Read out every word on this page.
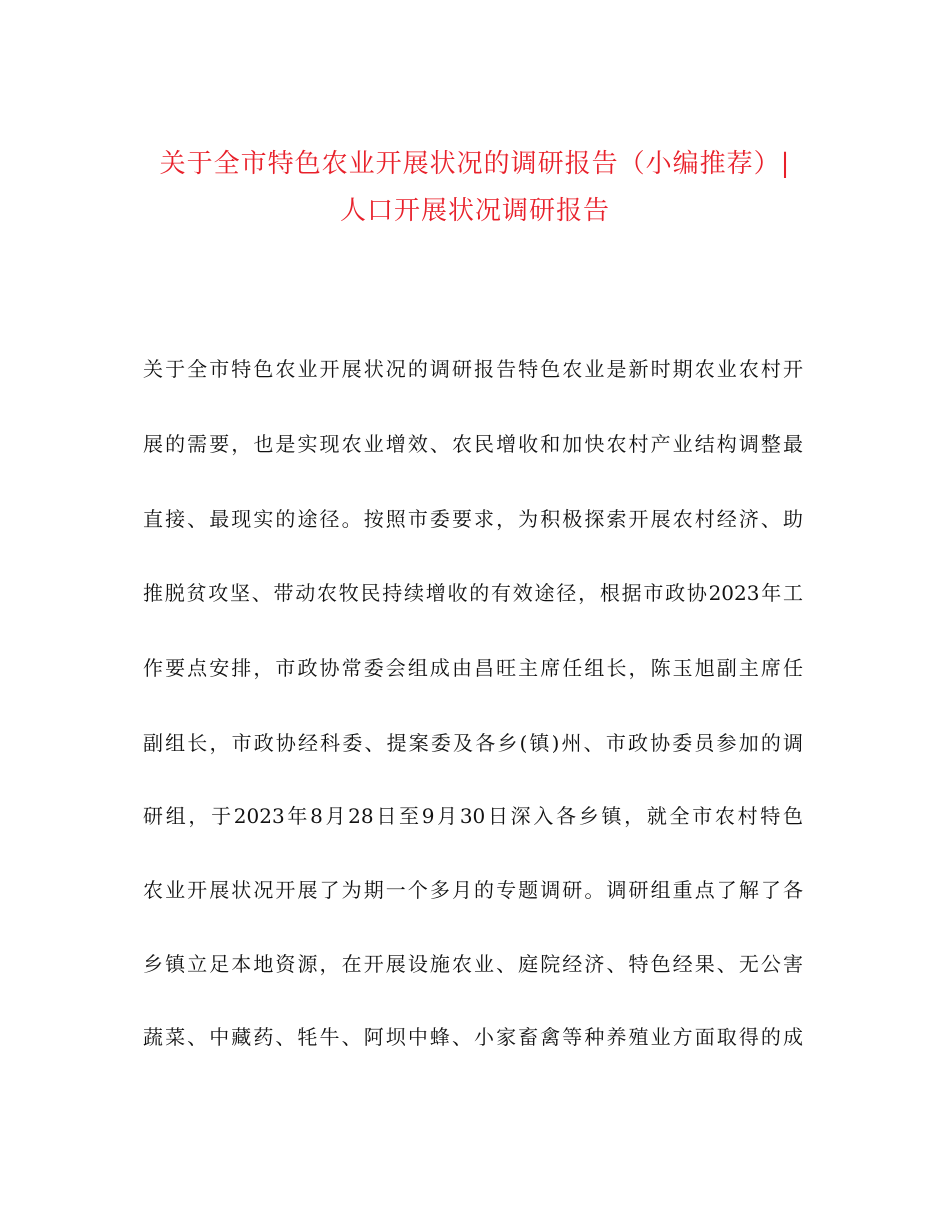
关于全市特色农业开展状况的调研报告（小编推荐）|
人口开展状况调研报告
关于全市特色农业开展状况的调研报告特色农业是新时期农业农村开
展的需要，也是实现农业增效、农民增收和加快农村产业结构调整最
直接、最现实的途径。按照市委要求，为积极探索开展农村经济、助
推脱贫攻坚、带动农牧民持续增收的有效途径，根据市政协2023年工
作要点安排，市政协常委会组成由昌旺主席任组长，陈玉旭副主席任
副组长，市政协经科委、提案委及各乡(镇)州、市政协委员参加的调
研组，于2023年8月28日至9月30日深入各乡镇，就全市农村特色
农业开展状况开展了为期一个多月的专题调研。调研组重点了解了各
乡镇立足本地资源，在开展设施农业、庭院经济、特色经果、无公害
蔬菜、中藏药、牦牛、阿坝中蜂、小家畜禽等种养殖业方面取得的成
